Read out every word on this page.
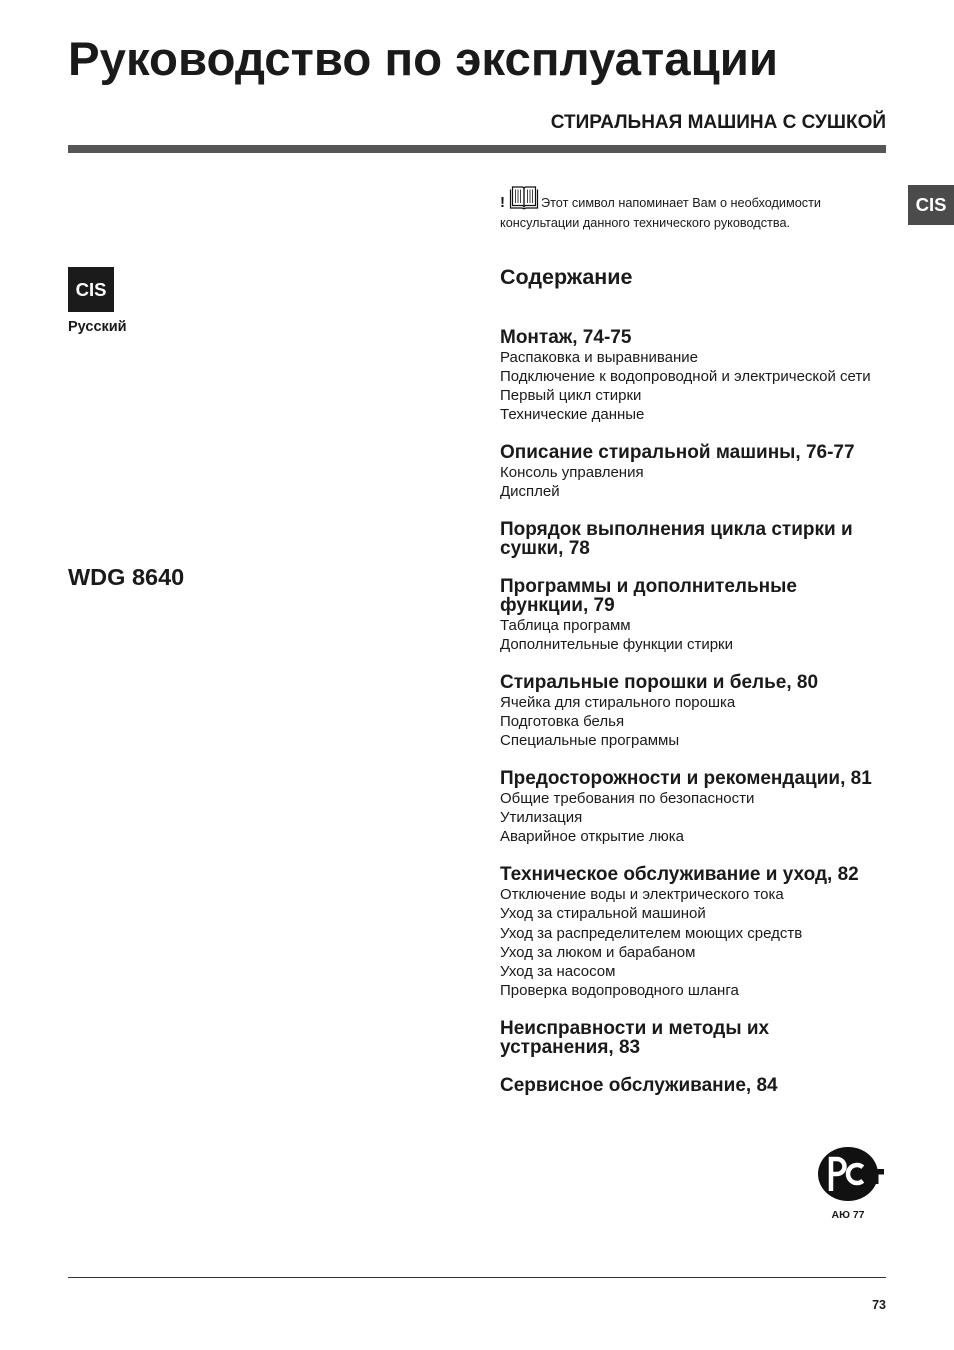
Руководство по эксплуатации
СТИРАЛЬНАЯ МАШИНА С СУШКОЙ
CIS
!	Этот символ напоминает Вам о необходимости
консультации данного технического руководства.
CIS
Русский
WDG 8640
Содержание
Монтаж, 74-75
Распаковка и выравнивание
Подключение к водопроводной и электрической сети
Первый цикл стирки
Технические данные
Описание стиральной машины, 76-77
Консоль управления
Дисплей
Порядок выполнения цикла стирки и
сушки, 78
Программы и дополнительные
функции, 79
Таблица программ
Дополнительные функции стирки
Стиральные порошки и белье, 80
Ячейка для стирального порошка
Подготовка белья
Специальные программы
Предосторожности и рекомендации, 81
Общие требования по безопасности
Утилизация
Аварийное открытие люка
Техническое обслуживание и уход, 82
Отключение воды и электрического тока
Уход за стиральной машиной
Уход за распределителем моющих средств
Уход за люком и барабаном
Уход за насосом
Проверка водопроводного шланга
Неисправности и методы их
устранения, 83
Сервисное обслуживание, 84
АЮ 77
73
